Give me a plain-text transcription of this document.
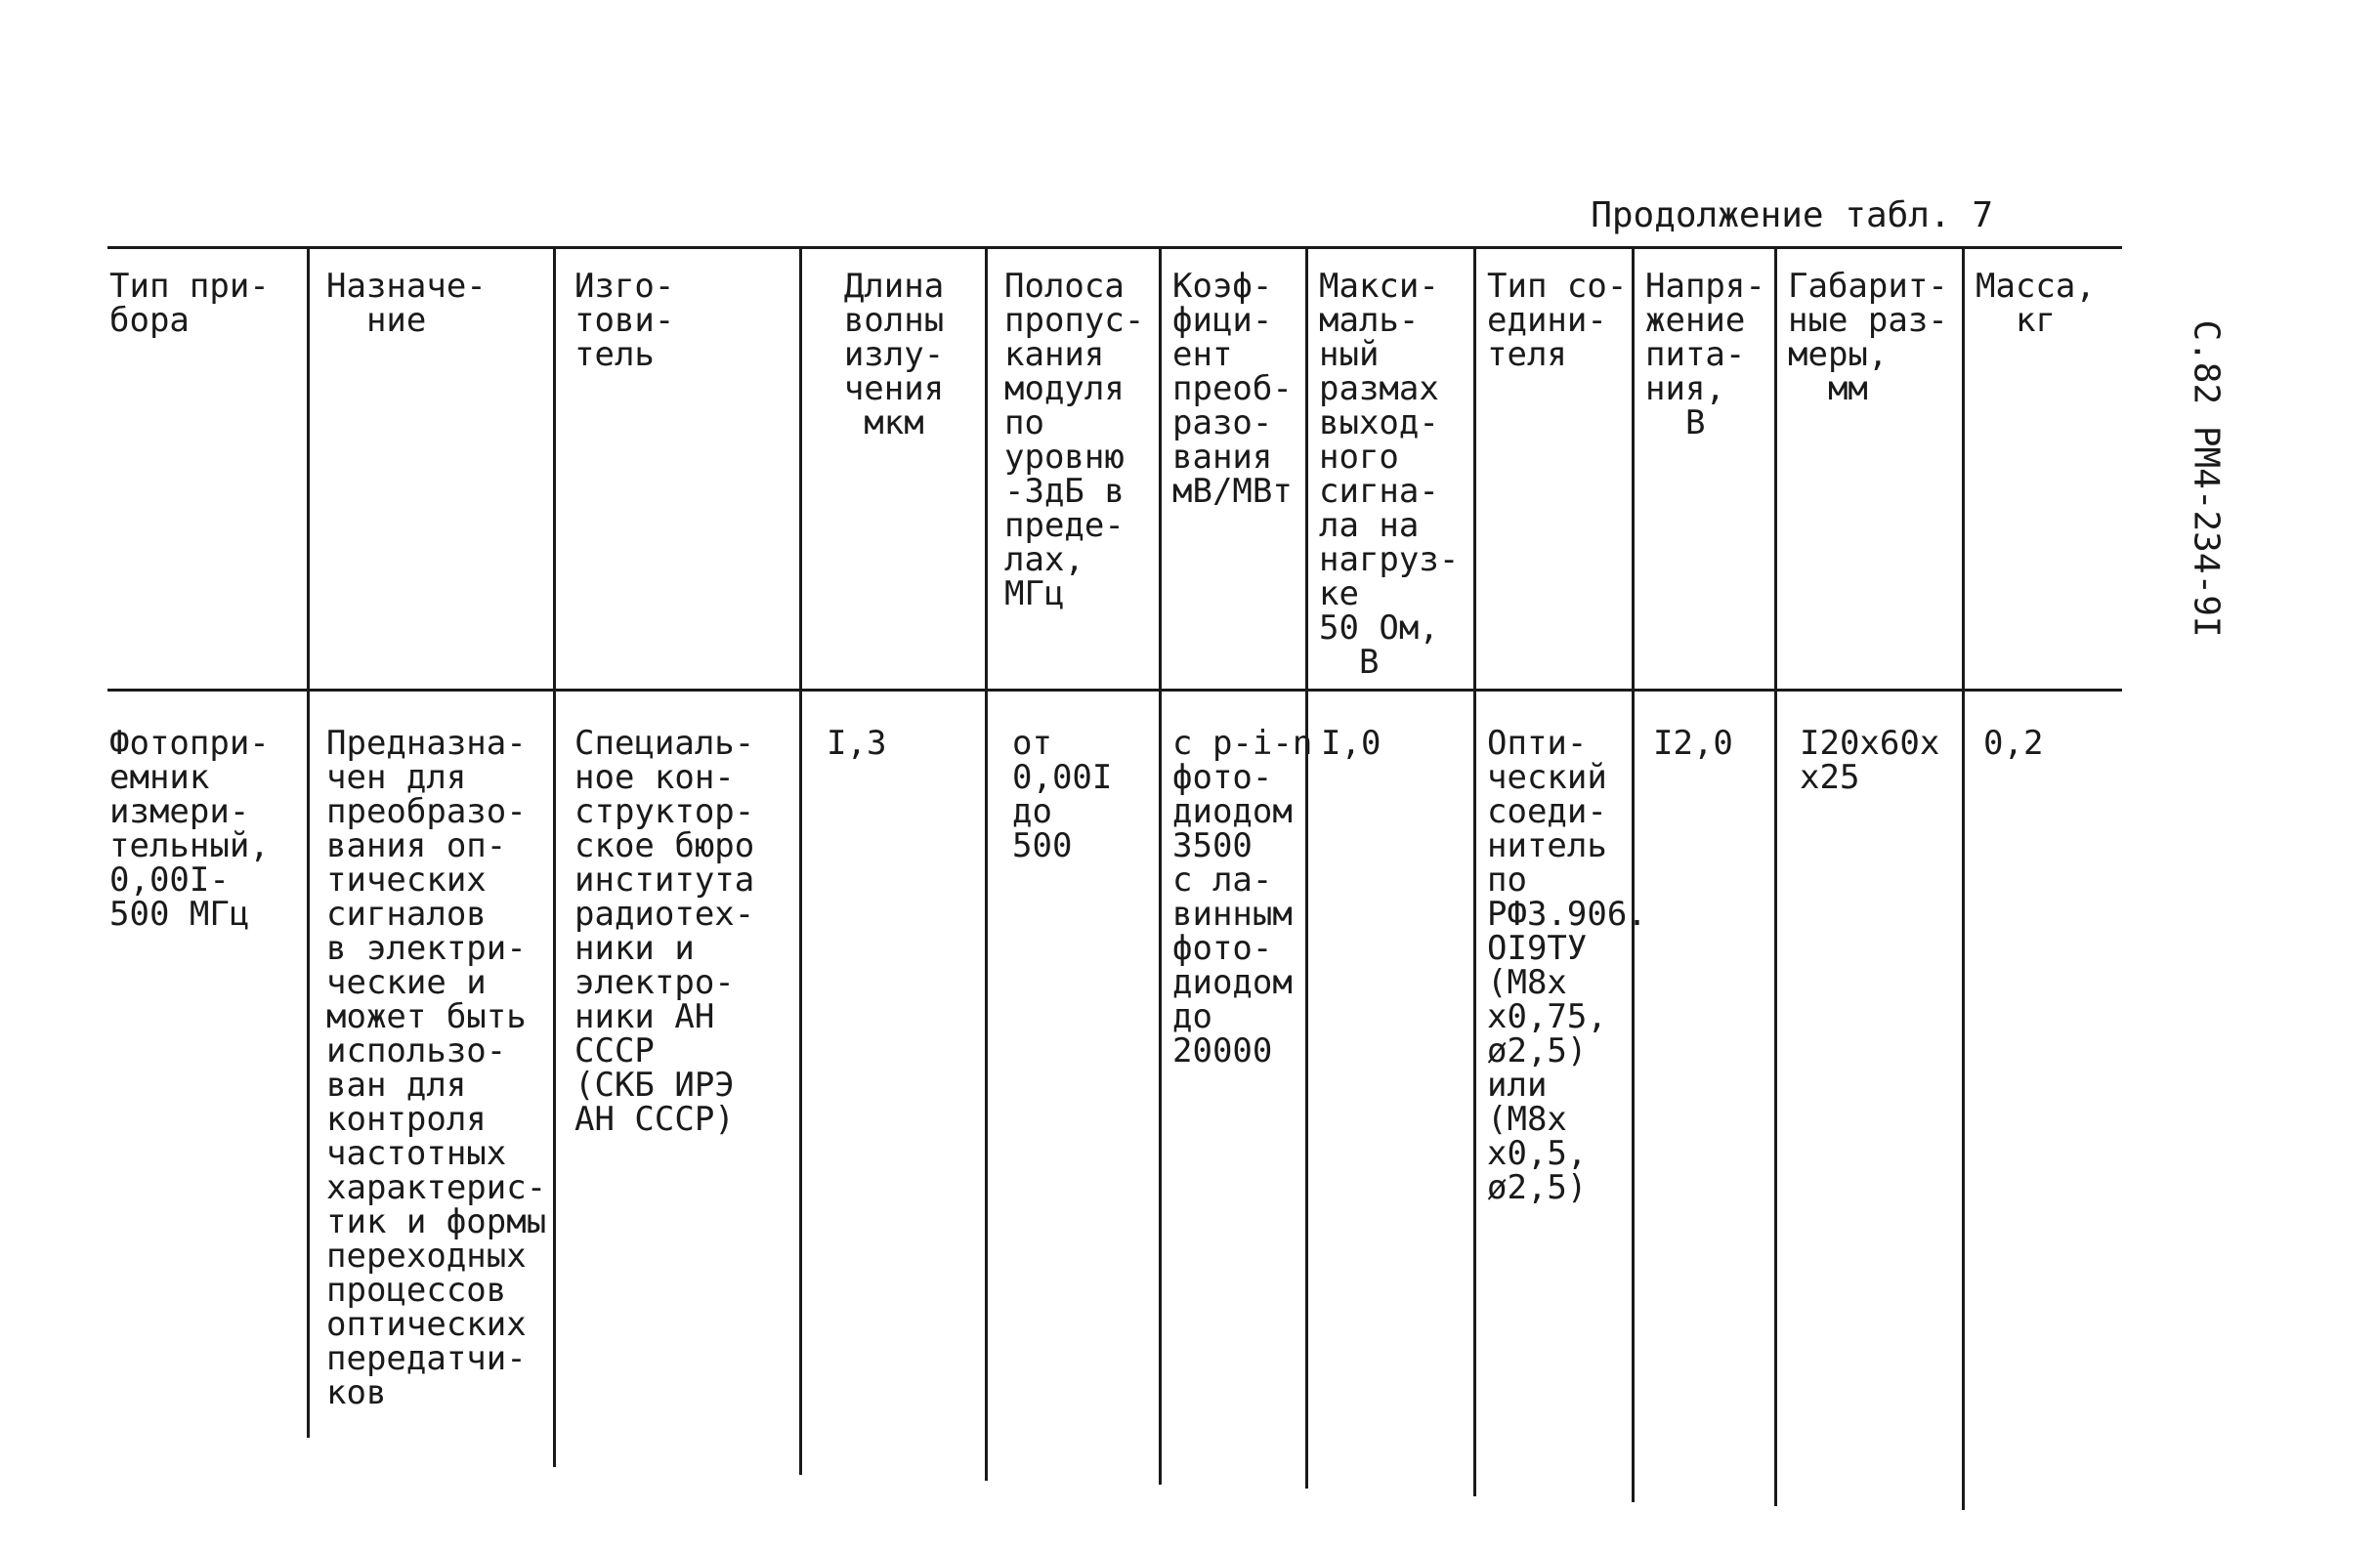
Продолжение табл. 7
С.82 РМ4-234-9I
Тип при-
бора
Назначе-
ние
Изго-
тови-
тель
Длина
волны
излу-
чения
мкм
Полоса
пропус-
кания
модуля
по
уровню
-3дБ в
преде-
лах,
МГц
Коэф-
фици-
ент
преоб-
разо-
вания
мВ/МВт
Макси-
маль-
ный
размах
выход-
ного
сигна-
ла на
нагруз-
ке
50 Ом,
В
Тип со-
едини-
теля
Напря-
жение
пита-
ния,
В
Габарит-
ные раз-
меры,
мм
Масса,
кг
Фотопри-
емник
измери-
тельный,
0,00I-
500 МГц
Предназна-
чен для
преобразо-
вания оп-
тических
сигналов
в электри-
ческие и
может быть
использо-
ван для
контроля
частотных
характерис-
тик и формы
переходных
процессов
оптических
передатчи-
ков
Специаль-
ное кон-
структор-
ское бюро
института
радиотех-
ники и
электро-
ники АН
СССР
(СКБ ИРЭ
АН СССР)
I,3	от
0,00I
до
500
с p-i-n
фото-
диодом
3500
с ла-
винным
фото-
диодом
до
20000
I,0	Опти-
ческий
соеди-
нитель
по
РФ3.906.
ОI9ТУ
(М8х
х0,75,
ø2,5)
или
(М8х
х0,5,
ø2,5)
I2,0 I20х60х
х25
0,2
